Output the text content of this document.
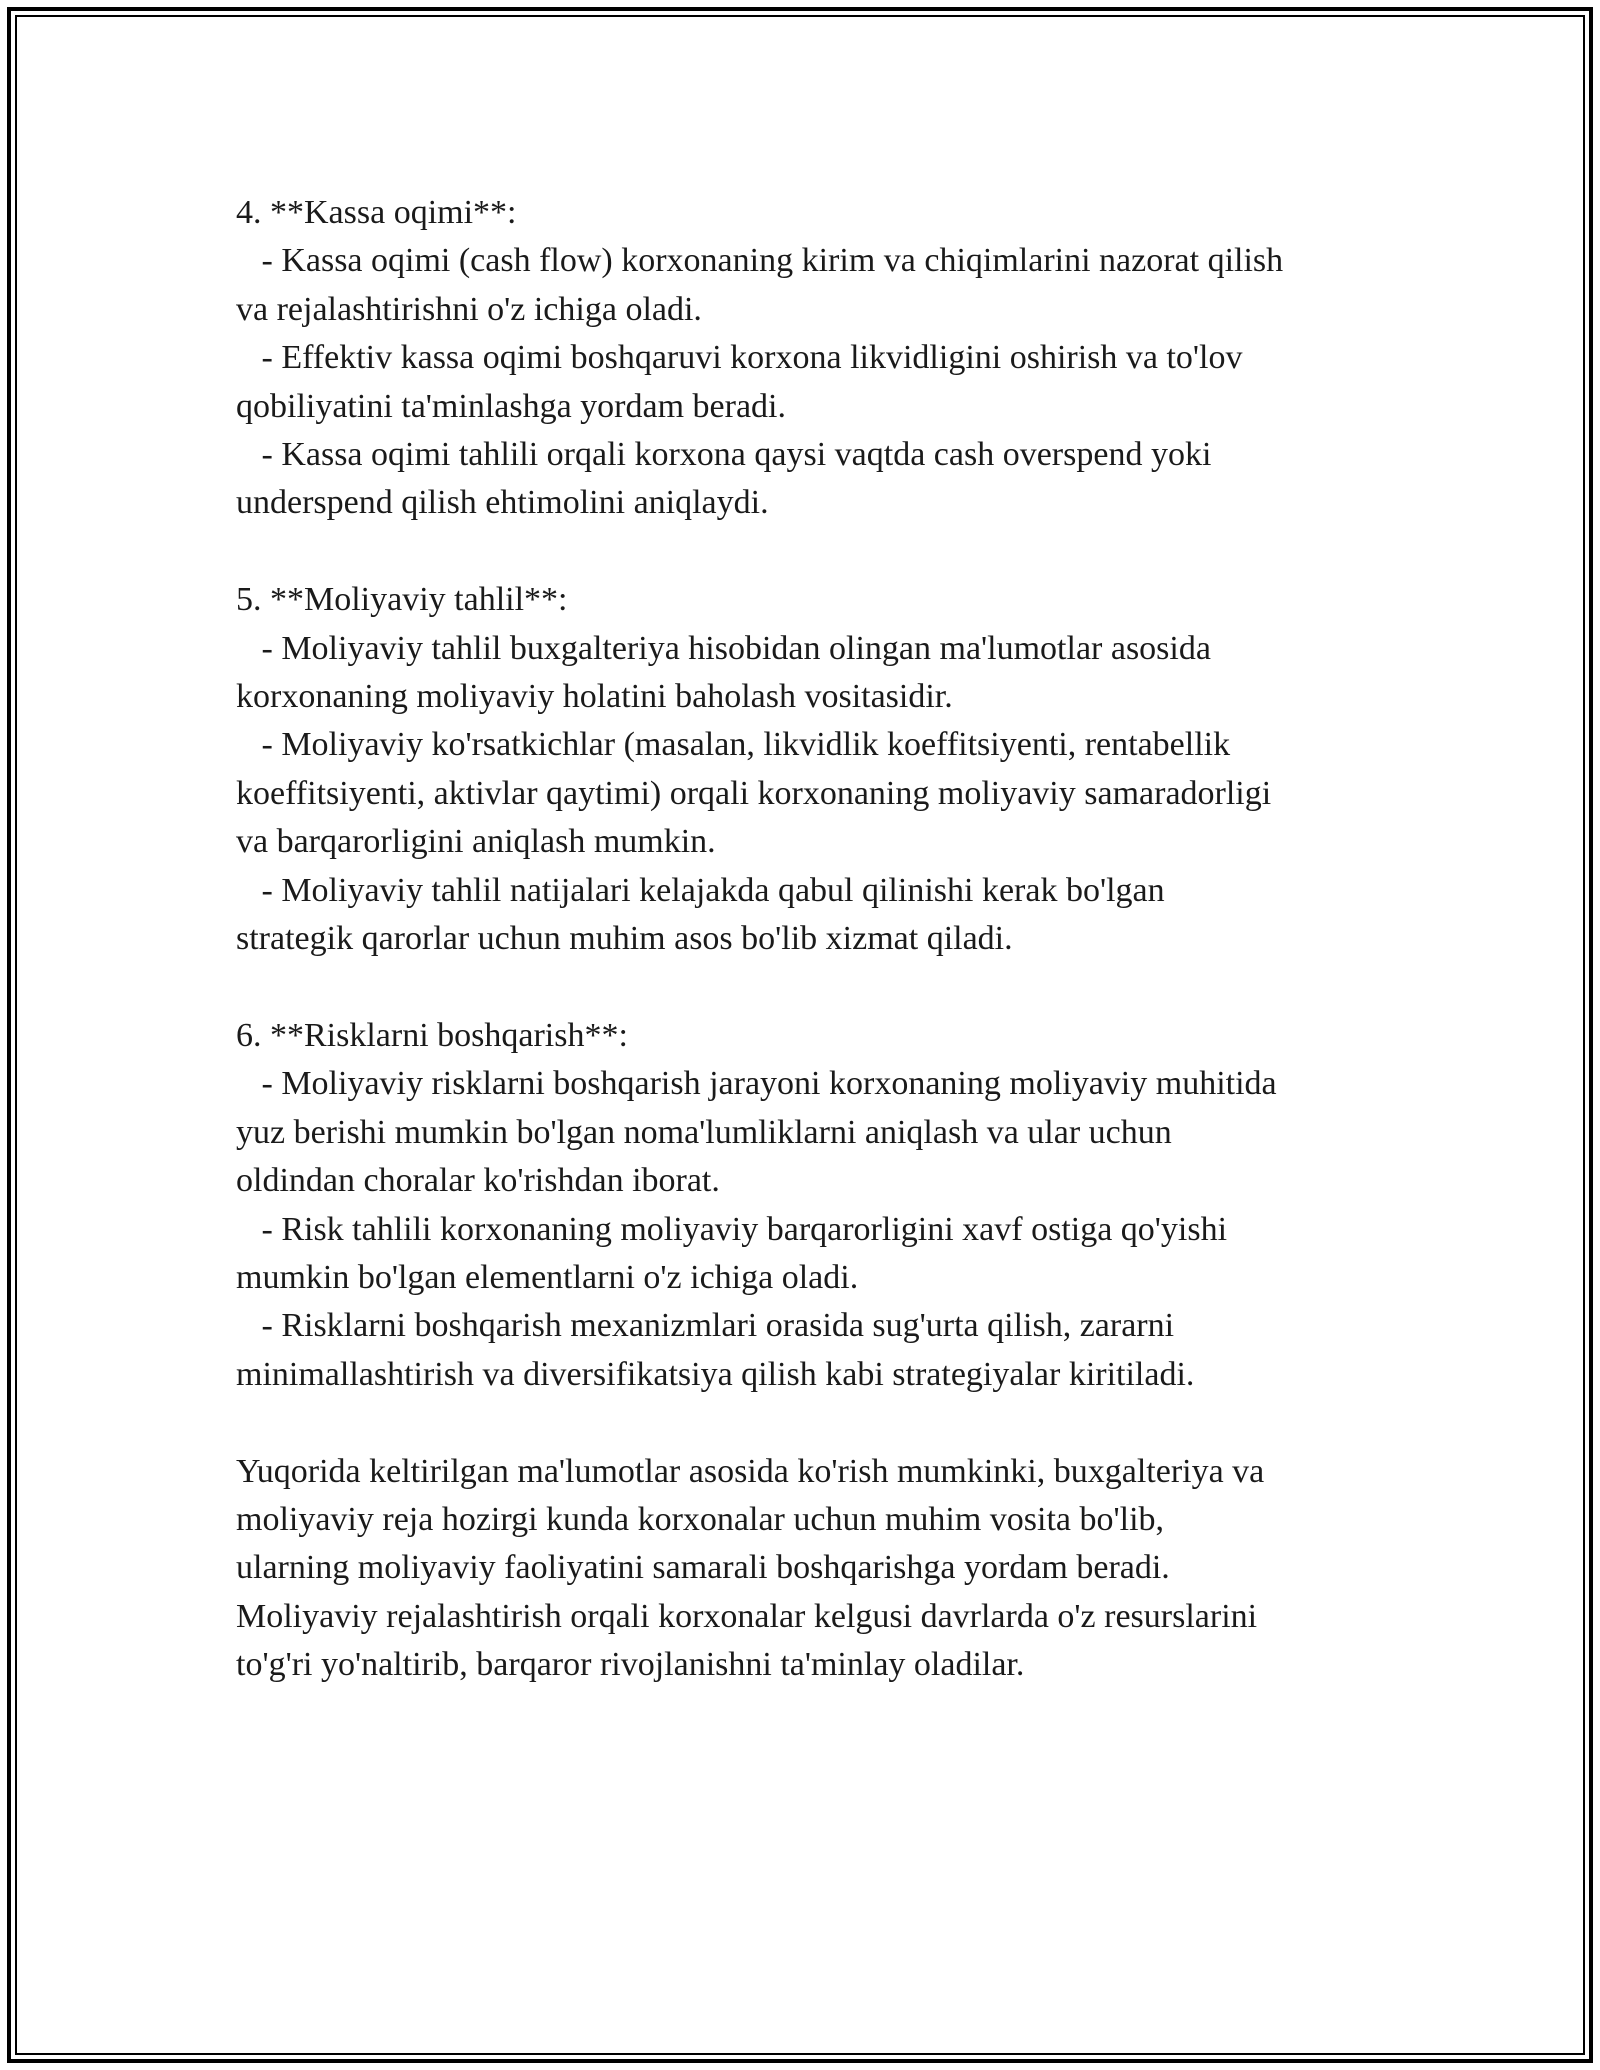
4. **Kassa oqimi**:
- Kassa oqimi (cash flow) korxonaning kirim va chiqimlarini nazorat qilish
va rejalashtirishni o'z ichiga oladi.
- Effektiv kassa oqimi boshqaruvi korxona likvidligini oshirish va to'lov
qobiliyatini ta'minlashga yordam beradi.
- Kassa oqimi tahlili orqali korxona qaysi vaqtda cash overspend yoki
underspend qilish ehtimolini aniqlaydi.
5. **Moliyaviy tahlil**:
- Moliyaviy tahlil buxgalteriya hisobidan olingan ma'lumotlar asosida
korxonaning moliyaviy holatini baholash vositasidir.
- Moliyaviy ko'rsatkichlar (masalan, likvidlik koeffitsiyenti, rentabellik
koeffitsiyenti, aktivlar qaytimi) orqali korxonaning moliyaviy samaradorligi
va barqarorligini aniqlash mumkin.
- Moliyaviy tahlil natijalari kelajakda qabul qilinishi kerak bo'lgan
strategik qarorlar uchun muhim asos bo'lib xizmat qiladi.
6. **Risklarni boshqarish**:
- Moliyaviy risklarni boshqarish jarayoni korxonaning moliyaviy muhitida
yuz berishi mumkin bo'lgan noma'lumliklarni aniqlash va ular uchun
oldindan choralar ko'rishdan iborat.
- Risk tahlili korxonaning moliyaviy barqarorligini xavf ostiga qo'yishi
mumkin bo'lgan elementlarni o'z ichiga oladi.
- Risklarni boshqarish mexanizmlari orasida sug'urta qilish, zararni
minimallashtirish va diversifikatsiya qilish kabi strategiyalar kiritiladi.
Yuqorida keltirilgan ma'lumotlar asosida ko'rish mumkinki, buxgalteriya va
moliyaviy reja hozirgi kunda korxonalar uchun muhim vosita bo'lib,
ularning moliyaviy faoliyatini samarali boshqarishga yordam beradi.
Moliyaviy rejalashtirish orqali korxonalar kelgusi davrlarda o'z resurslarini
to'g'ri yo'naltirib, barqaror rivojlanishni ta'minlay oladilar.
